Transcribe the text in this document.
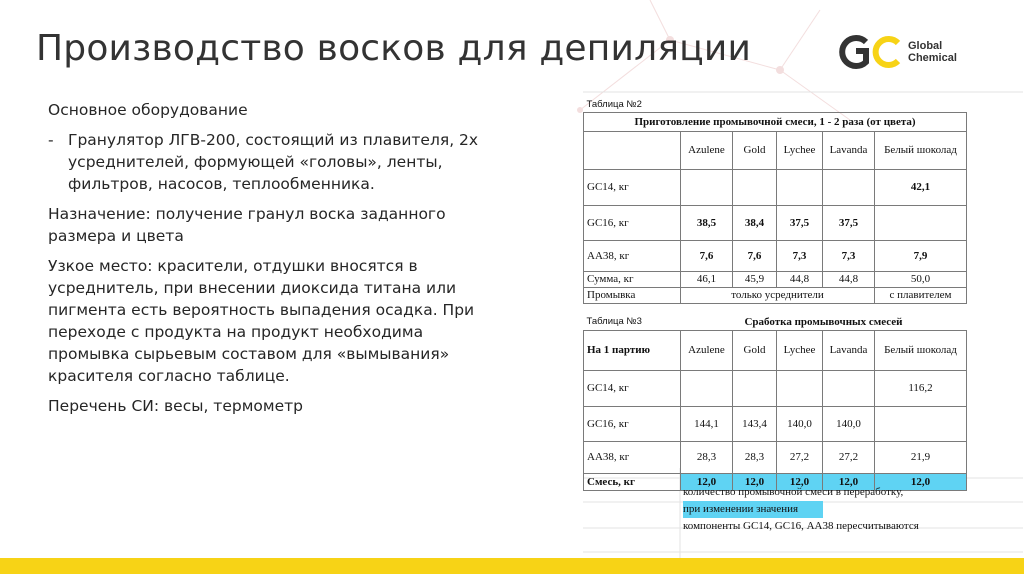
Производство восков для депиляции	Global
Chemical

Основное оборудование

- Гранулятор ЛГВ-200, состоящий из плавителя, 2х усреднителей, формующей «головы», ленты, фильтров, насосов, теплообменника.

Назначение: получение гранул воска заданного размера и цвета

Узкое место: красители, отдушки вносятся в усреднитель, при внесении диоксида титана или пигмента есть вероятность выпадения осадка. При переходе с продукта на продукт необходима промывка сырьевым составом для «вымывания» красителя согласно таблице.

Перечень СИ: весы, термометр

Таблица №2					
Приготовление промывочной смеси, 1 - 2 раза (от цвета)					
	Azulene	Gold	Lychee	Lavanda	Белый шоколад
GC14, кг					42,1
GC16, кг	38,5	38,4	37,5	37,5	
АА38, кг	7,6	7,6	7,3	7,3	7,9
Сумма, кг	46,1	45,9	44,8	44,8	50,0
Промывка	только усреднители				с плавителем
Таблица №3	Сработка промывочных смесей				
На 1 партию	Azulene	Gold	Lychee	Lavanda	Белый шоколад
GC14, кг					116,2
GC16, кг	144,1	143,4	140,0	140,0	
АА38, кг	28,3	28,3	27,2	27,2	21,9
Смесь, кг	12,0	12,0	12,0	12,0	12,0
количество промывочной смеси в переработку,
при изменении значения
компоненты GC14, GC16, АА38 пересчитываются
